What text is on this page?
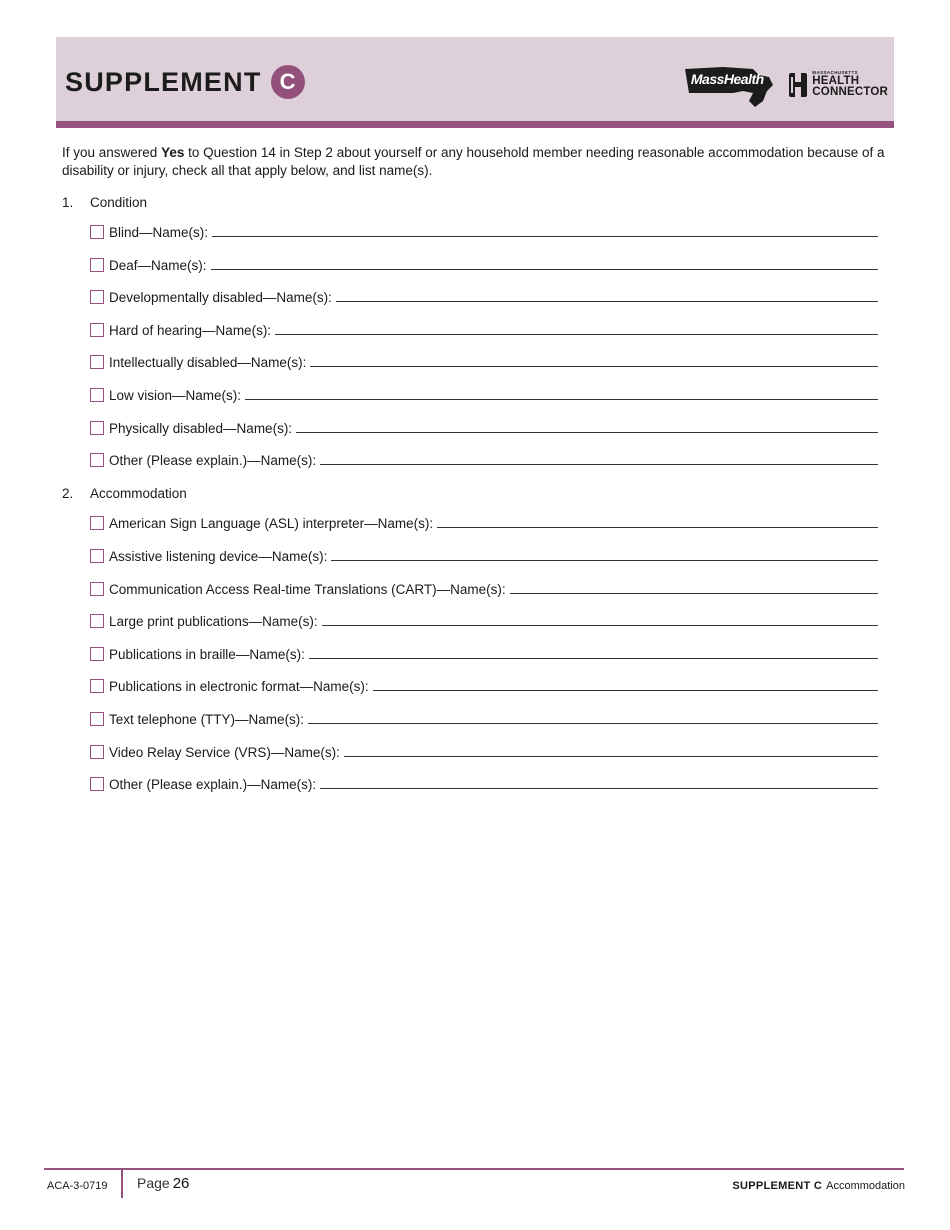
SUPPLEMENT C	MassHealth	MASSACHUSETTS
HEALTH
CONNECTOR
If you answered Yes to Question 14 in Step 2 about yourself or any household member needing reasonable accommodation because of a disability or injury, check all that apply below, and list name(s).
1. Condition
Blind—Name(s):
Deaf—Name(s):
Developmentally disabled—Name(s):
Hard of hearing—Name(s):
Intellectually disabled—Name(s):
Low vision—Name(s):
Physically disabled—Name(s):
Other (Please explain.)—Name(s):
2. Accommodation
American Sign Language (ASL) interpreter—Name(s):
Assistive listening device—Name(s):
Communication Access Real-time Translations (CART)—Name(s):
Large print publications—Name(s):
Publications in braille—Name(s):
Publications in electronic format—Name(s):
Text telephone (TTY)—Name(s):
Video Relay Service (VRS)—Name(s):
Other (Please explain.)—Name(s):
ACA-3-0719 Page 26	SUPPLEMENT C Accommodation
